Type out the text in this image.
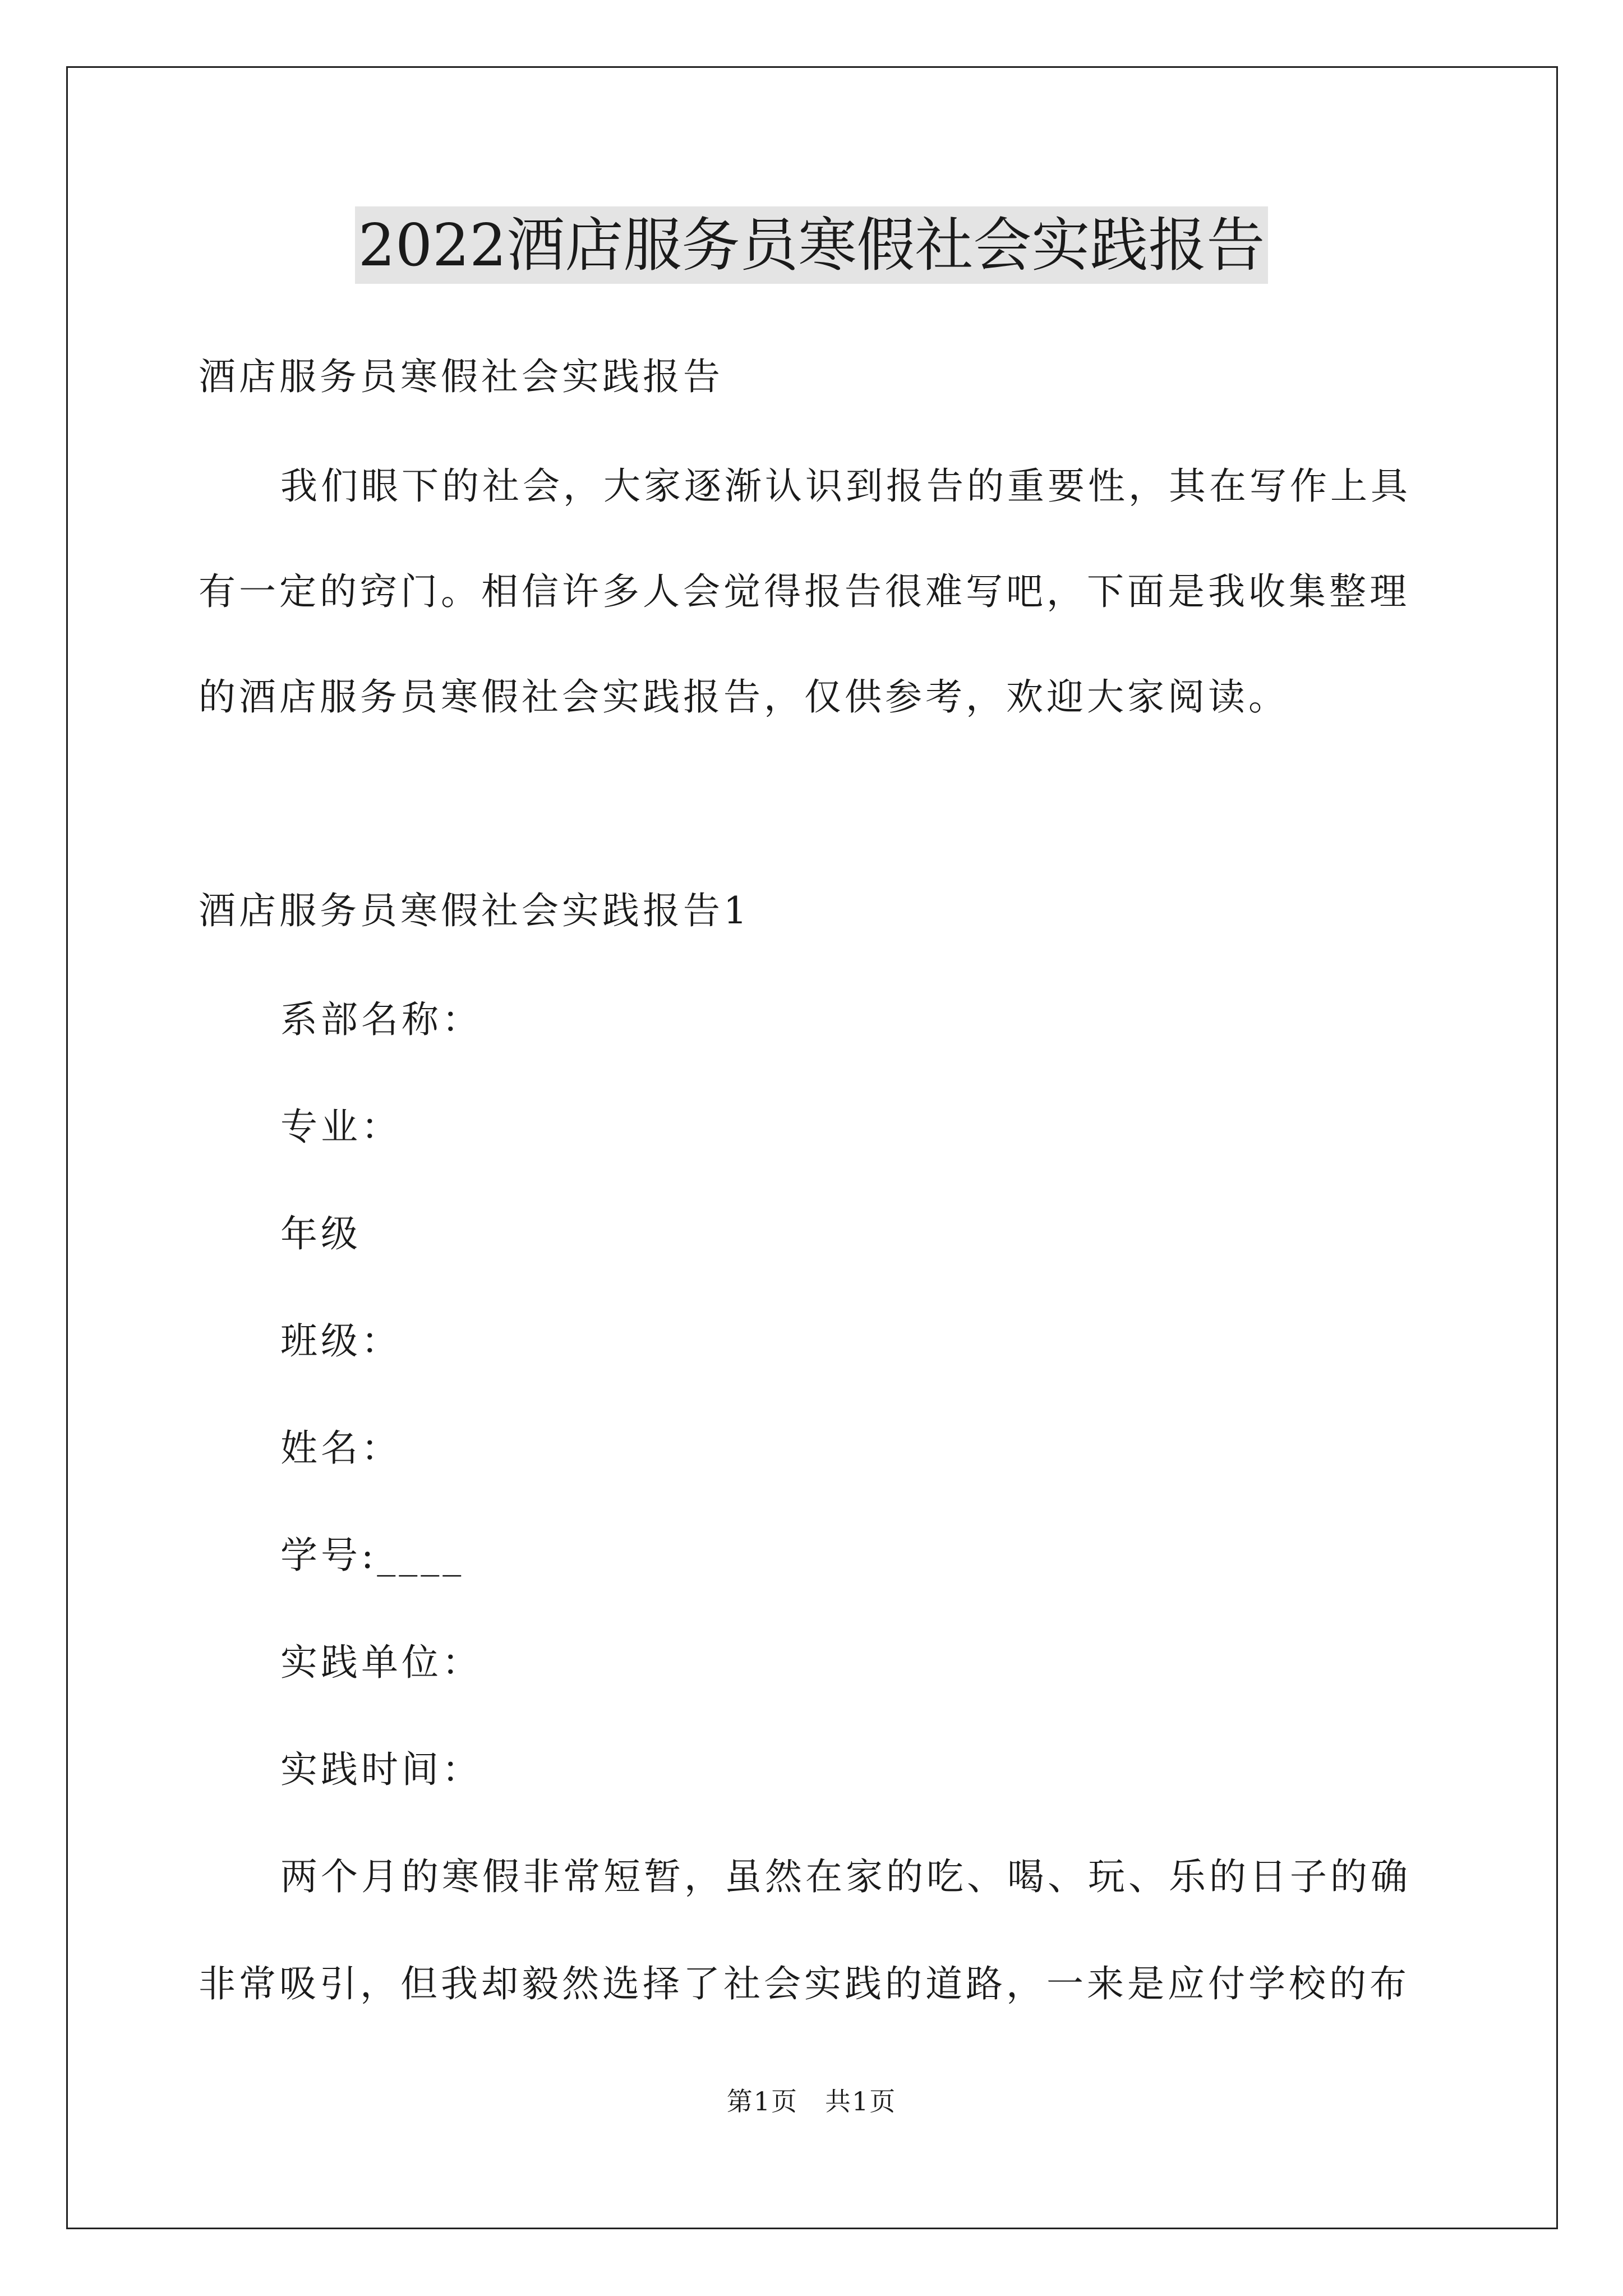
2022酒店服务员寒假社会实践报告
酒店服务员寒假社会实践报告
我们眼下的社会，大家逐渐认识到报告的重要性，其在写作上具
有一定的窍门。相信许多人会觉得报告很难写吧，下面是我收集整理
的酒店服务员寒假社会实践报告，仅供参考，欢迎大家阅读。
酒店服务员寒假社会实践报告1
系部名称：
专业：
年级
班级：
姓名：
学号:____
实践单位：
实践时间：
两个月的寒假非常短暂，虽然在家的吃、喝、玩、乐的日子的确
非常吸引，但我却毅然选择了社会实践的道路，一来是应付学校的布
第1页　共1页
